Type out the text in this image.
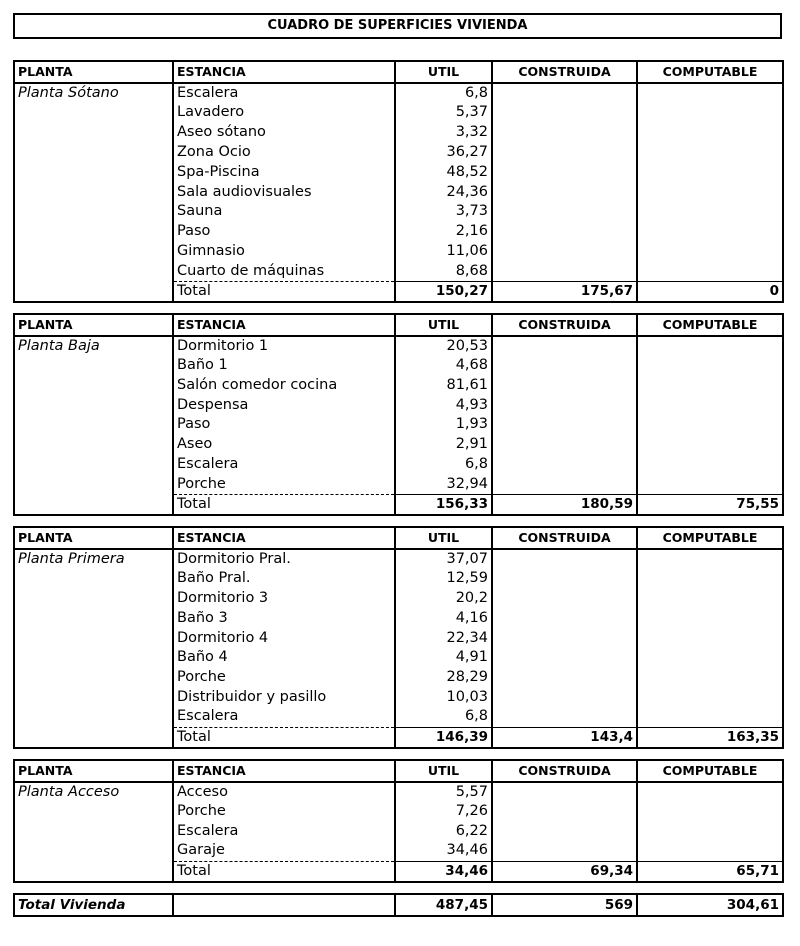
CUADRO DE SUPERFICIES VIVIENDA
PLANTA	ESTANCIA	UTIL	CONSTRUIDA	COMPUTABLE
Planta Sótano	Escalera	6,8		
	Lavadero	5,37		
	Aseo sótano	3,32		
	Zona Ocio	36,27		
	Spa-Piscina	48,52		
	Sala audiovisuales	24,36		
	Sauna	3,73		
	Paso	2,16		
	Gimnasio	11,06		
	Cuarto de máquinas	8,68		
	Total	150,27	175,67	0
PLANTA	ESTANCIA	UTIL	CONSTRUIDA	COMPUTABLE
Planta Baja	Dormitorio 1	20,53		
	Baño 1	4,68		
	Salón comedor cocina	81,61		
	Despensa	4,93		
	Paso	1,93		
	Aseo	2,91		
	Escalera	6,8		
	Porche	32,94		
	Total	156,33	180,59	75,55
PLANTA	ESTANCIA	UTIL	CONSTRUIDA	COMPUTABLE
Planta Primera	Dormitorio Pral.	37,07		
	Baño Pral.	12,59		
	Dormitorio 3	20,2		
	Baño 3	4,16		
	Dormitorio 4	22,34		
	Baño 4	4,91		
	Porche	28,29		
	Distribuidor y pasillo	10,03		
	Escalera	6,8		
	Total	146,39	143,4	163,35
PLANTA	ESTANCIA	UTIL	CONSTRUIDA	COMPUTABLE
Planta Acceso	Acceso	5,57		
	Porche	7,26		
	Escalera	6,22		
	Garaje	34,46		
	Total	34,46	69,34	65,71
Total Vivienda		487,45	569	304,61
